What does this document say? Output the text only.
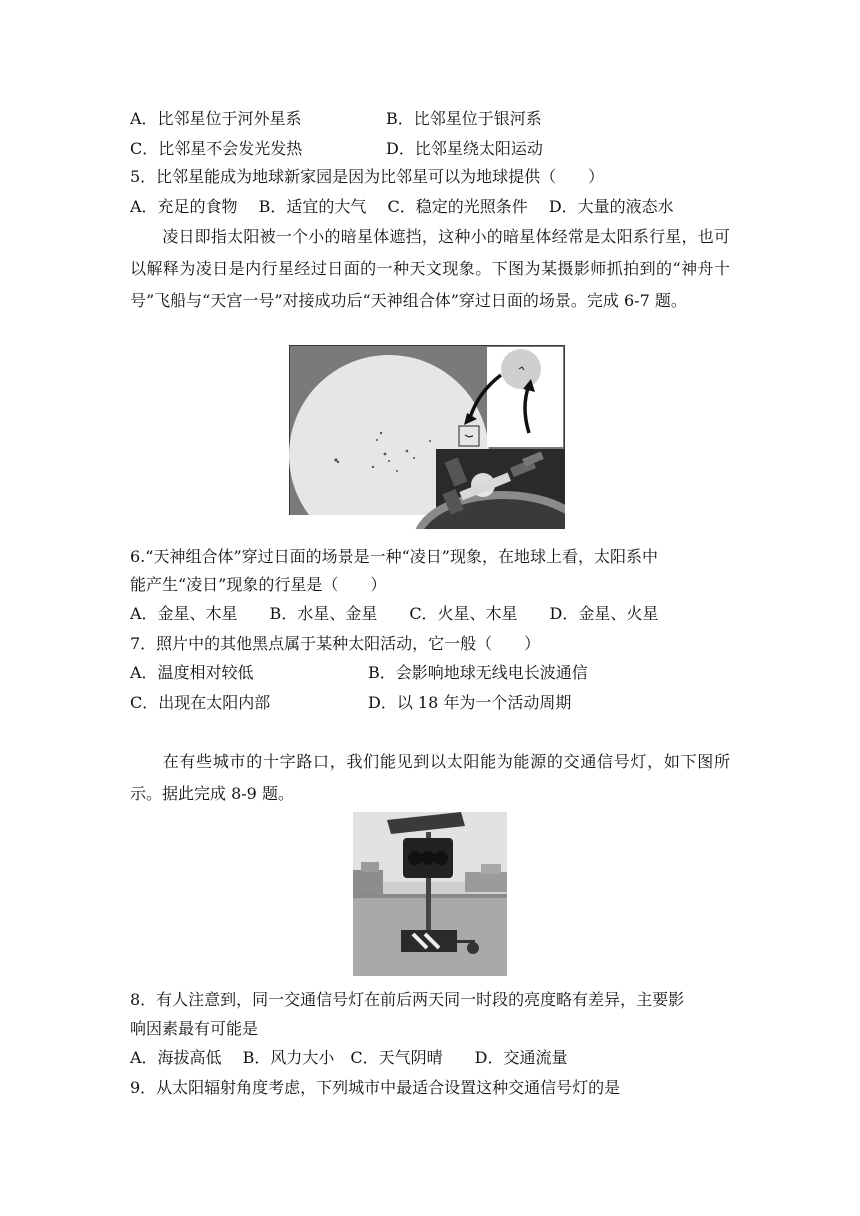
A．比邻星位于河外星系	B．比邻星位于银河系
C．比邻星不会发光发热	D．比邻星绕太阳运动
5．比邻星能成为地球新家园是因为比邻星可以为地球提供（　　）
A．充足的食物　 B．适宜的大气　 C．稳定的光照条件　 D．大量的液态水
凌日即指太阳被一个小的暗星体遮挡，这种小的暗星体经常是太阳系行星，也可以解释为凌日是内行星经过日面的一种天文现象。下图为某摄影师抓拍到的“神舟十号”飞船与“天宫一号”对接成功后“天神组合体”穿过日面的场景。完成 6-7 题。
6.“天神组合体”穿过日面的场景是一种“凌日”现象，在地球上看，太阳系中
能产生“凌日”现象的行星是（　　）
A．金星、木星　　B．水星、金星　　C．火星、木星　　D．金星、火星
7．照片中的其他黑点属于某种太阳活动，它一般（　　）
A．温度相对较低	B．会影响地球无线电长波通信
C．出现在太阳内部	D．以 18 年为一个活动周期
在有些城市的十字路口，我们能见到以太阳能为能源的交通信号灯，如下图所示。据此完成 8-9 题。
8．有人注意到，同一交通信号灯在前后两天同一时段的亮度略有差异，主要影
响因素最有可能是
A．海拔高低　 B．风力大小　C．天气阴晴　　D．交通流量
9．从太阳辐射角度考虑，下列城市中最适合设置这种交通信号灯的是
